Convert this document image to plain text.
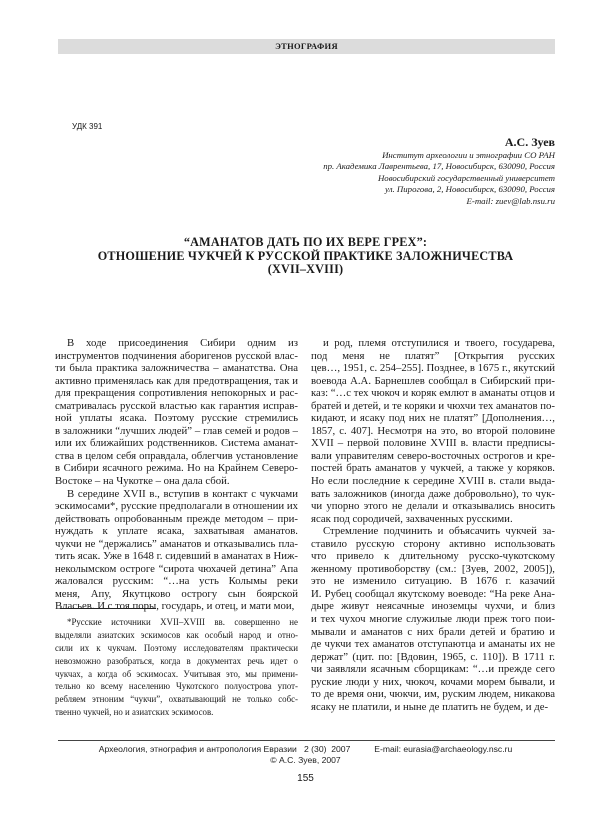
ЭТНОГРАФИЯ
УДК 391
А.С. Зуев
Институт археологии и этнографии СО РАН
пр. Академика Лаврентьева, 17, Новосибирск, 630090, Россия
Новосибирский государственный университет
ул. Пирогова, 2, Новосибирск, 630090, Россия
E-mail: zuev@lab.nsu.ru
“АМАНАТОВ ДАТЬ ПО ИХ ВЕРЕ ГРЕХ”:
ОТНОШЕНИЕ ЧУКЧЕЙ К РУССКОЙ ПРАКТИКЕ ЗАЛОЖНИЧЕСТВА
(XVII–XVIII)
В ходе присоединения Сибири одним из
инструментов подчинения аборигенов русской влас-
ти была практика заложничества – аманатства. Она
активно применялась как для предотвращения, так и
для прекращения сопротивления непокорных и рас-
сматривалась русской властью как гарантия исправ-
ной уплаты ясака. Поэтому русские стремились
в заложники “лучших людей” – глав семей и родов –
или их ближайших родственников. Система аманат-
ства в целом себя оправдала, облегчив установление
в Сибири ясачного режима. Но на Крайнем Северо-
Востоке – на Чукотке – она дала сбой.
В середине XVII в., вступив в контакт с чукчами
эскимосами*, русские предполагали в отношении их
действовать опробованным прежде методом – при-
нуждать к уплате ясака, захватывая аманатов.
чукчи не “держались” аманатов и отказывались пла-
тить ясак. Уже в 1648 г. сидевший в аманатах в Ниж-
неколымском остроге “сирота чюхачей детина” Апа
жаловался русским: “…на усть Колымы реки
меня, Апу, Якутцково острогу сын боярской
Власьев. И с тоя поры, государь, и отец, и мати мои,
и род, племя отступилися и твоего, государева,
под меня не платят” [Открытия русских
цев…, 1951, с. 254–255]. Позднее, в 1675 г., якутский
воевода А.А. Барнешлев сообщал в Сибирский при-
каз: “…с тех чюкоч и коряк емлют в аманаты отцов и
братей и детей, и те коряки и чюхчи тех аманатов по-
кидают, и ясаку под них не платят” [Дополнения…,
1857, с. 407]. Несмотря на это, во второй половине
XVII – первой половине XVIII в. власти предписы-
вали управителям северо-восточных острогов и кре-
постей брать аманатов у чукчей, а также у коряков.
Но если последние к середине XVIII в. стали выда-
вать заложников (иногда даже добровольно), то чук-
чи упорно этого не делали и отказывались вносить
ясак под сородичей, захваченных русскими.
Стремление подчинить и объясачить чукчей за-
ставило русскую сторону активно использовать
что привело к длительному русско-чукотскому
женному противоборству (см.: [Зуев, 2002, 2005]),
это не изменило ситуацию. В 1676 г. казачий
И. Рубец сообщал якутскому воеводе: “На реке Ана-
дыре живут неясачные иноземцы чухчи, и близ
и тех чухоч многие служилые люди преж того пои-
мывали и аманатов с них брали детей и братию и
де чукчи тех аманатов отступаютца и аманаты их не
держат” (цит. по: [Вдовин, 1965, с. 110]). В 1711 г.
чи заявляли ясачным сборщикам: “…и прежде сего
руские люди у них, чюкоч, кочами морем бывали, и
то де время они, чюкчи, им, руским людем, никакова
ясаку не платили, и ныне де платить не будем, и де-
*Русские источники XVII–XVIII вв. совершенно не
выделяли азиатских эскимосов как особый народ и отно-
сили их к чукчам. Поэтому исследователям практически
невозможно разобраться, когда в документах речь идет о
чукчах, а когда об эскимосах. Учитывая это, мы примени-
тельно ко всему населению Чукотского полуострова упот-
ребляем этноним “чукчи”, охватывающий не только собс-
твенно чукчей, но и азиатских эскимосов.
Археология, этнография и антропология Евразии 2 (30)  2007	E-mail: eurasia@archaeology.nsc.ru
© А.С. Зуев, 2007
155
